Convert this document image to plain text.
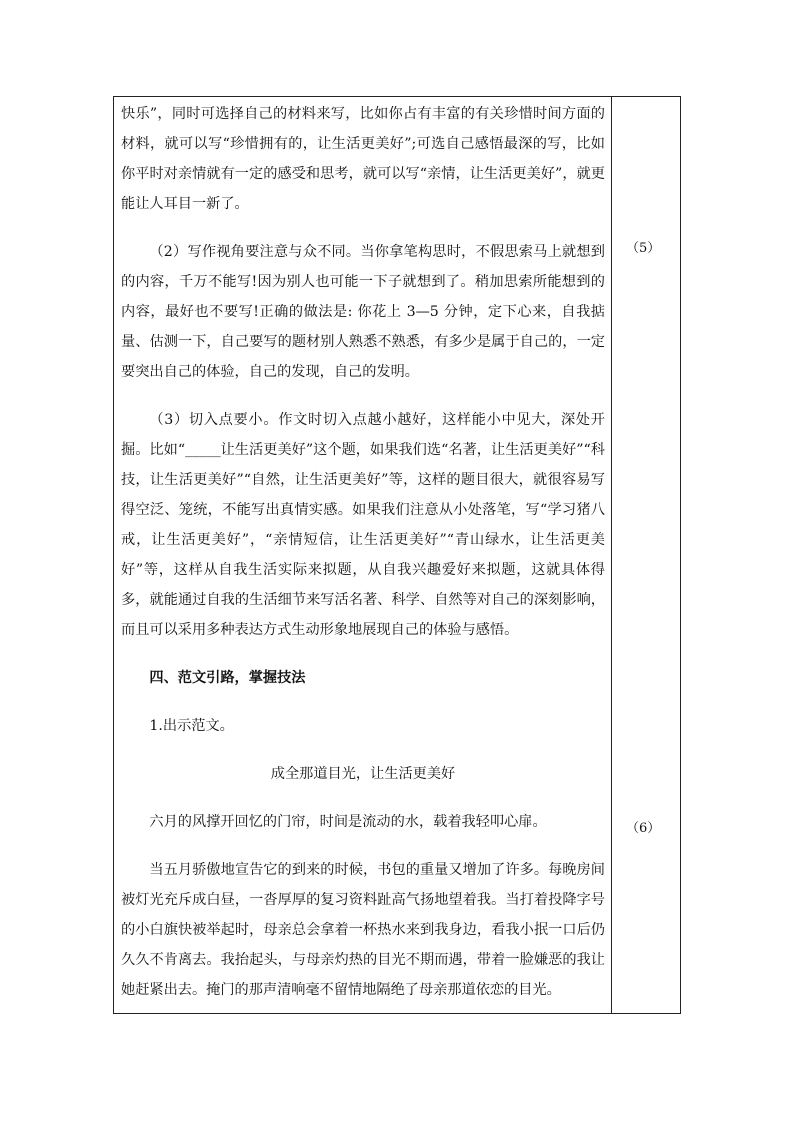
快乐”，同时可选择自己的材料来写，比如你占有丰富的有关珍惜时间方面的材料，就可以写“珍惜拥有的，让生活更美好”;可选自己感悟最深的写，比如你平时对亲情就有一定的感受和思考，就可以写“亲情，让生活更美好”，就更能让人耳目一新了。

（2）写作视角要注意与众不同。当你拿笔构思时，不假思索马上就想到的内容，千万不能写!因为别人也可能一下子就想到了。稍加思索所能想到的内容，最好也不要写!正确的做法是: 你花上 3—5 分钟，定下心来，自我掂量、估测一下，自己要写的题材别人熟悉不熟悉，有多少是属于自己的，一定要突出自己的体验，自己的发现，自己的发明。

（3）切入点要小。作文时切入点越小越好，这样能小中见大，深处开掘。比如“_____让生活更美好”这个题，如果我们选“名著，让生活更美好”“科技，让生活更美好”“自然，让生活更美好”等，这样的题目很大，就很容易写得空泛、笼统，不能写出真情实感。如果我们注意从小处落笔，写“学习猪八戒，让生活更美好”，“亲情短信，让生活更美好”“青山绿水，让生活更美好”等，这样从自我生活实际来拟题，从自我兴趣爱好来拟题，这就具体得多，就能通过自我的生活细节来写活名著、科学、自然等对自己的深刻影响，而且可以采用多种表达方式生动形象地展现自己的体验与感悟。

四、范文引路，掌握技法

1.出示范文。

成全那道目光，让生活更美好

六月的风撑开回忆的门帘，时间是流动的水，载着我轻叩心扉。

当五月骄傲地宣告它的到来的时候，书包的重量又增加了许多。每晚房间被灯光充斥成白昼，一沓厚厚的复习资料趾高气扬地望着我。当打着投降字号的小白旗快被举起时，母亲总会拿着一杯热水来到我身边，看我小抿一口后仍久久不肯离去。我抬起头，与母亲灼热的目光不期而遇，带着一脸嫌恶的我让她赶紧出去。掩门的那声清响毫不留情地隔绝了母亲那道依恋的目光。

（5）
（6）
